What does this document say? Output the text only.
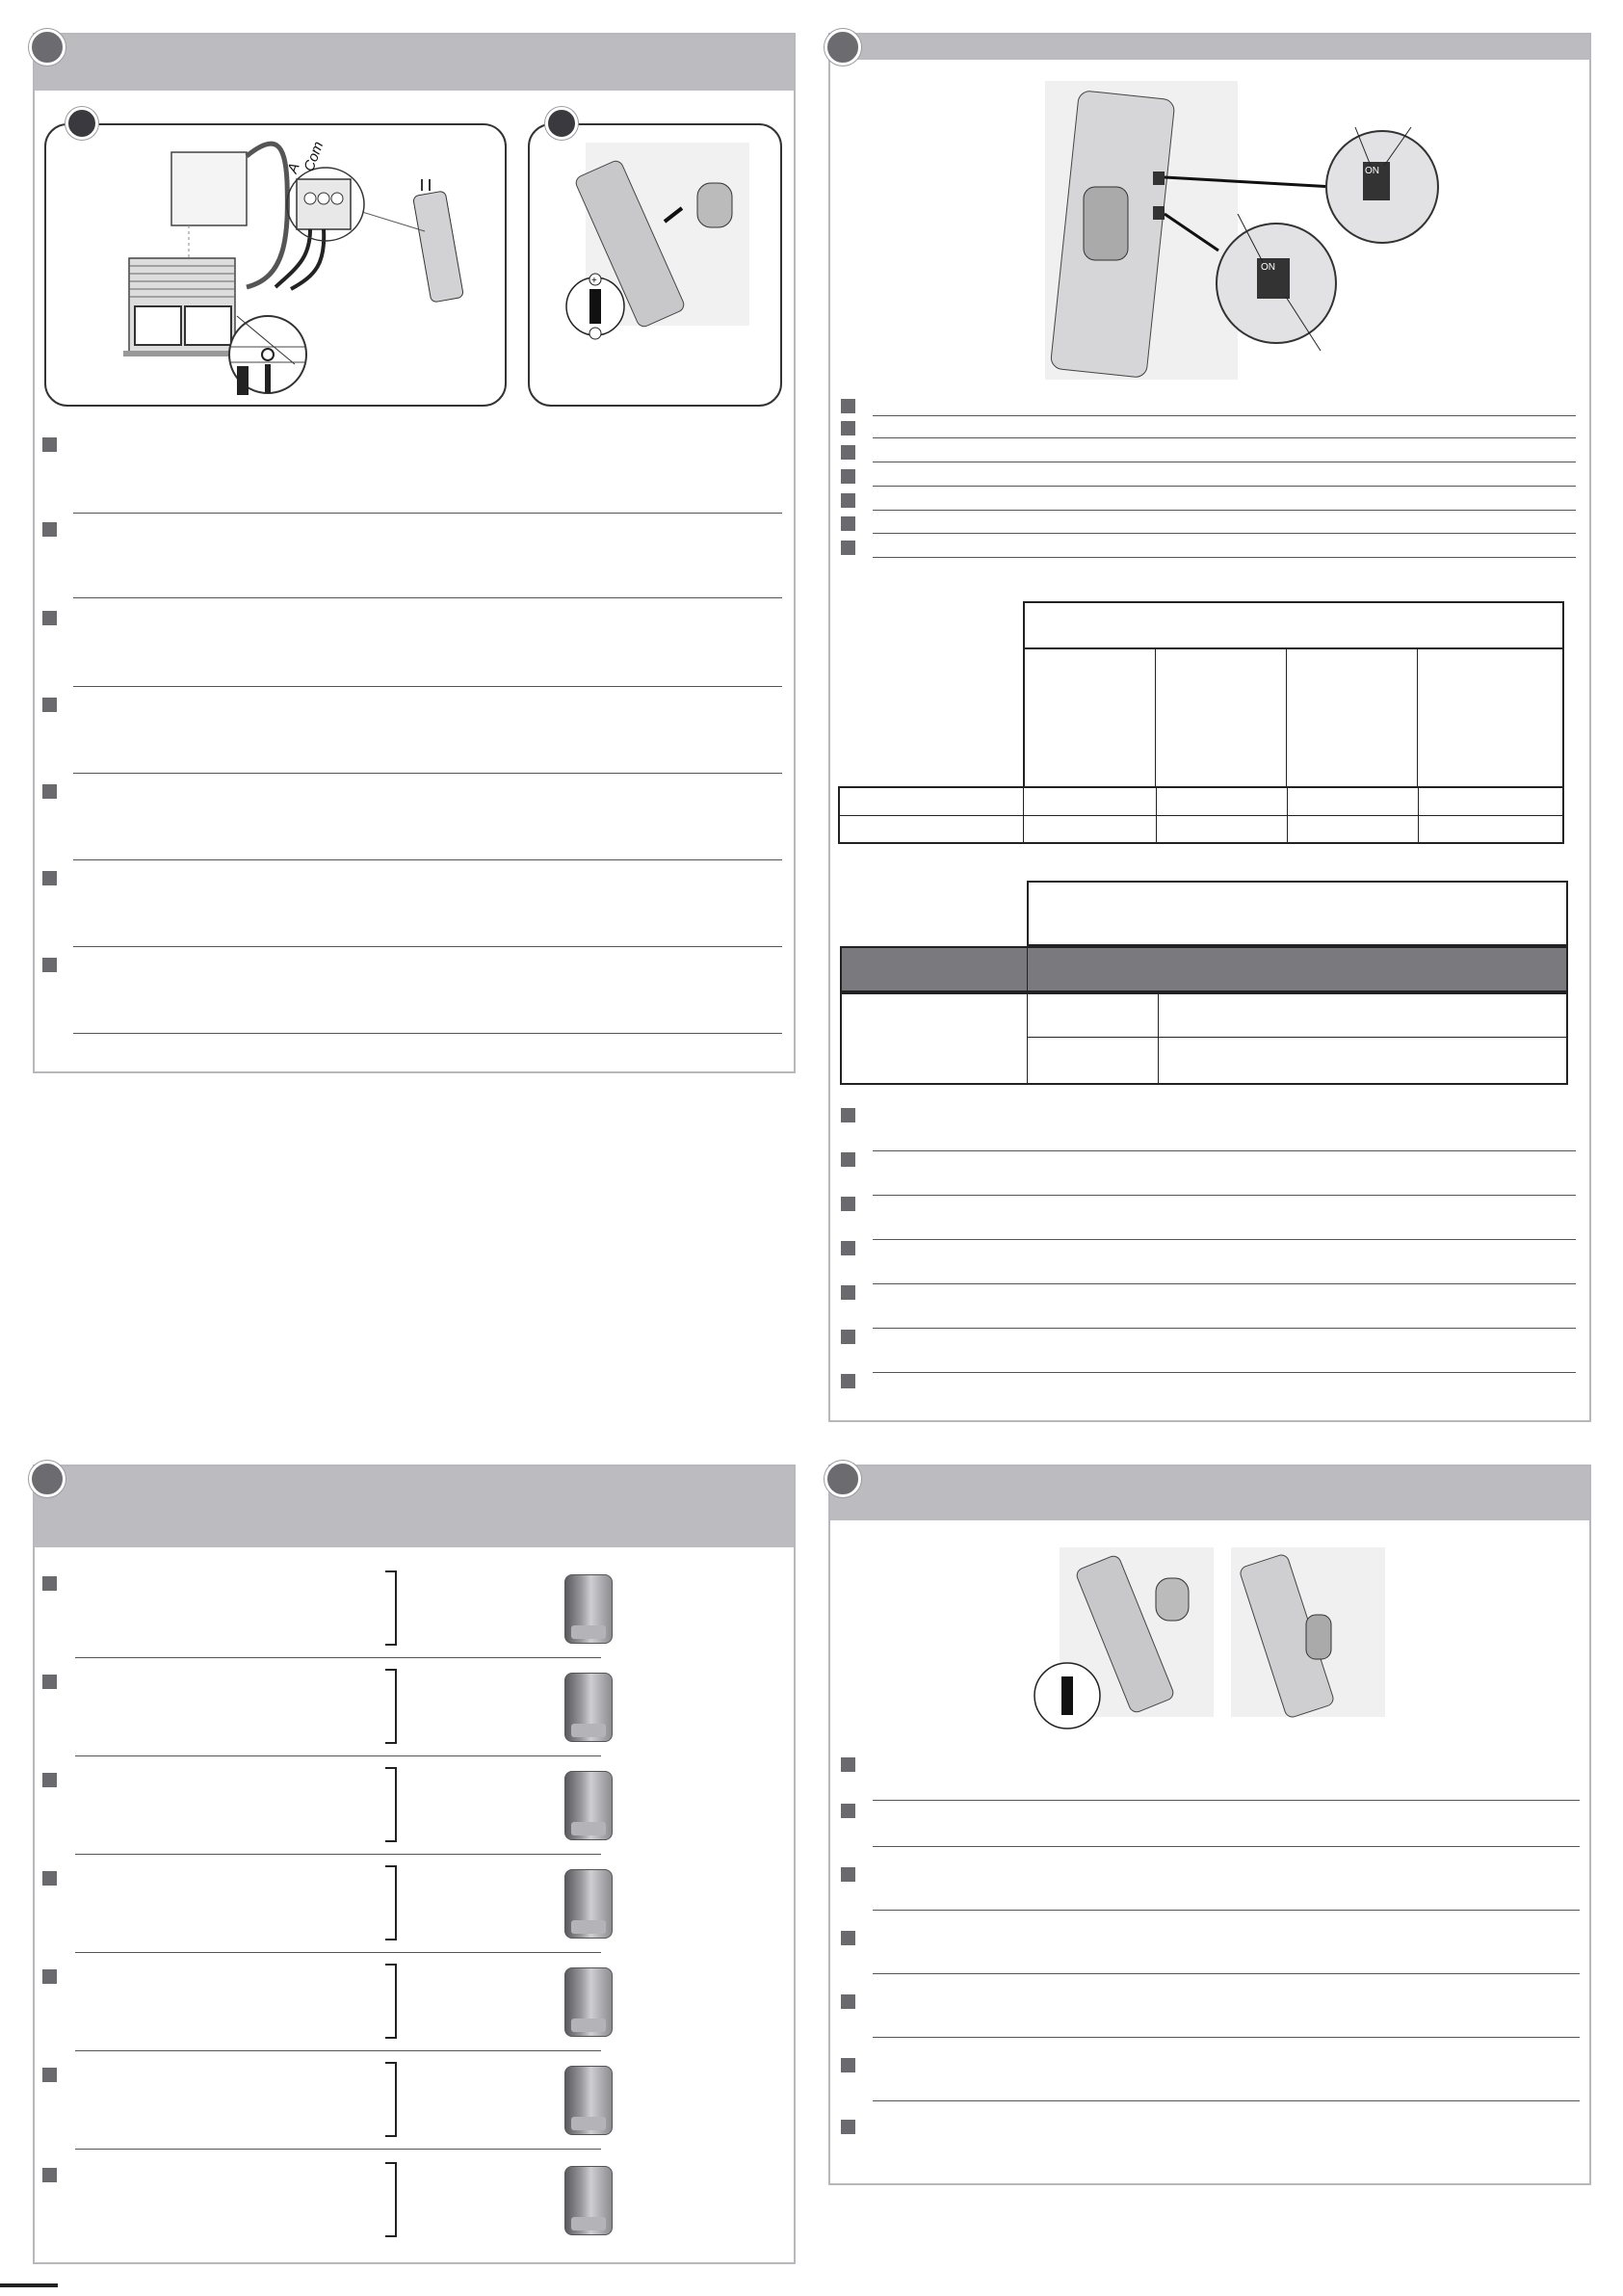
A
Com
+
ON
ON
